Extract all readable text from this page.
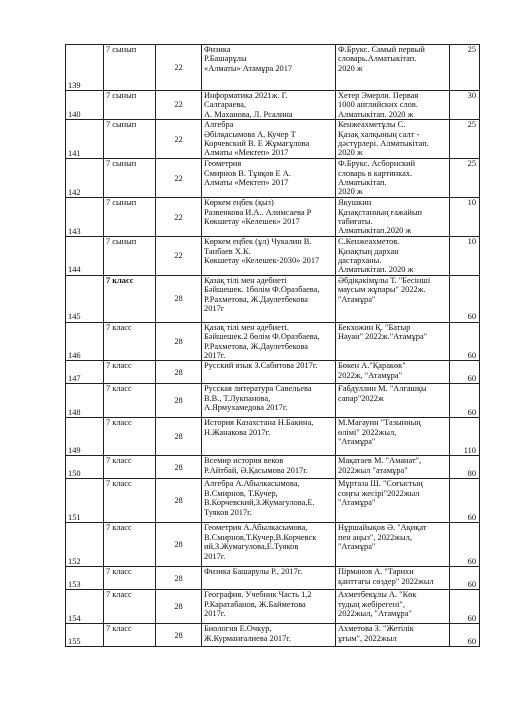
139	7 сынып	22	Физика
Р.Башарұлы
«Алматы» Атамұра 2017	Ф.Брукс. Самый первый
словарь.Алматыкітап.
2020 ж	25
140	7 сынып	22	Информатика 2021ж. Г.
Салғараева,
А. Маханова, Л. Рсалина	Хетер Эмерли. Первая
1000 английских слов.
Алматыкітап. 2020 ж	30
141	7 сынып	22	Алгебра
Әбілқасымова А, Кучер Т
Корчевский В. Е Жұмағұлова
Алматы «Мектеп» 2017	Кенжеахметұлы С.
Қазақ халқының салт -
дәстүрлері. Алматыкітап.
2020 ж	25
142	7 сынып	22	Геометрия
Смирнов В. Тұяқов Е А.
Алматы «Мектеп» 2017	Ф.Брукс. Асборнский
словарь в картинках.
Алматыкітап.
2020 ж	25
143	7 сынып	22	Көркем еңбек (қыз)
Развенкова И.А.. Алимсаева Р
Көкшетау «Келешек» 2017	Якушкин
Қазақстанның ғажайып
табиғаты.
Алматыкітап.2020 ж	10
144	7 сынып	22	Көркем еңбек (ұл) Чукалин В.
Танбаев Х.К.
Көкшетау «Келешек-2030» 2017	С.Кенжеахметов.
Қазақтың дархан
дастарханы.
Алматыкітап. 2020 ж	10
145	7 класс	28	Қазақ тілі мен әдебиеті
Бәйшешек. 1бөлім Ф.Оразбаева,
Р.Рахметова, Ж.Даулетбекова
2017г	Әбдіқәкімұлы Т. "Бесінші
маусым жұпары" 2022ж.
"Атамұра"	60
146	7 класс	28	Қазақ тілі мен әдебиеті.
Бәйшешек.2 бөлім Ф.Оразбаева,
Р.Рахметова, Ж.Даулетбекова
2017г.	Бекхожин Қ. "Батыр
Науан" 2022ж."Атамұра"	60
147	7 класс	28	Русский язык З.Сабитова 2017г.	Бөкен А."Қаракөк"
2022ж, "Атамұра"	60
148	7 класс	28	Русская литература Савельева
В.В., Т.Лукпанова,
А.Ярмухамедова 2017г.	Ғабдуллин М. "Алғашқы
сапар"2022ж	60
149	7 класс	28	История Казахстана Н.Бакина,
Н.Жанакова 2017г.	М.Магауин "Тазынның
өлімі" 2022жыл,
"Атамұра"	110
150	7 класс	28	Всемир история веков
Р.Айтбай, Ә.Қасымова 2017г.	Мақатаев М. "Аманат",
2022жыл "атамұра"	80
151	7 класс	28	Алгебра А.Абылкасымова,
В.Смирнов, Т.Кучер,
В.Корчевский,З.Жумагулова,Е.
Туяков 2017г.	Мұртаза Ш. "Соғыстың
соңғы жесірі"2022жыл
"Атамұра"	60
152	7 класс	28	Геометрия А.Абылкасымова,
В.Смирнов,Т.Кучер,В.Корчевск
ий,З.Жумагулова,Е.Туяков
2017г.	Нұршайықов Ә. "Ақиқат
пен аңыз", 2022жыл,
"Атамұра"	60
153	7 класс	28	Физика Башарулы Р., 2017г.	Пірманов А. "Тарихи
қанттағы сөздер" 2022жыл	60
154	7 класс	28	География. Учебник Часть 1,2
Р.Каратабанов, Ж.Байметова
2017г.	Ахметбекұлы А. "Көк
тудың жебірегені",
2022жыл, "Атамұра"	60
155	7 класс	28	Биология Е.Очкур,
Ж.Курманғалиева 2017г.	Ахметова З. "Жетілік
ұғым", 2022жыл	60
